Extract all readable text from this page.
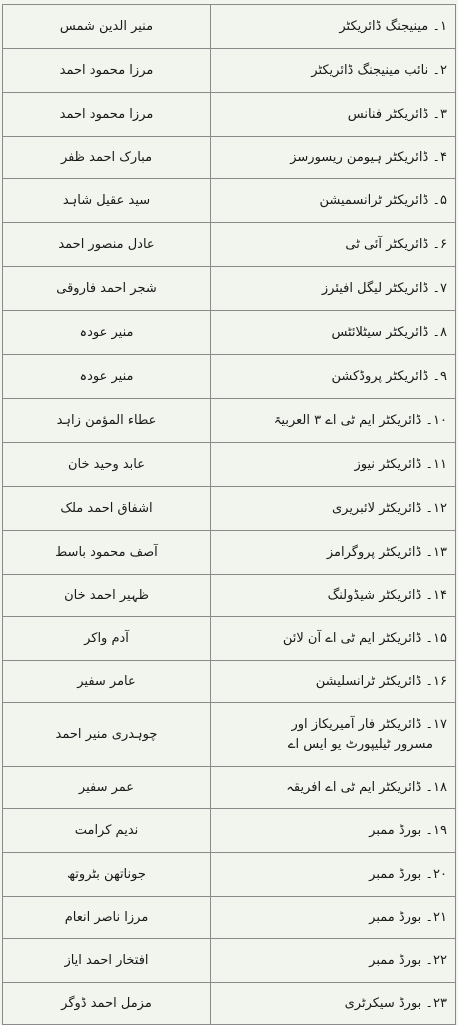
۱۔ مینیجنگ ڈائریکٹر	منیر الدین شمس

۲۔ نائب مینیجنگ ڈائریکٹر	مرزا محمود احمد

۳۔ ڈائریکٹر فنانس	مرزا محمود احمد

۴۔ ڈائریکٹر ہیومن ریسورسز	مبارک احمد ظفر

۵۔ ڈائریکٹر ٹرانسمیشن	سید عقیل شاہد

۶۔ ڈائریکٹر آئی ٹی	عادل منصور احمد

۷۔ ڈائریکٹر لیگل افیئرز	شجر احمد فاروقی

۸۔ ڈائریکٹر سیٹلائٹس	منیر عودہ

۹۔ ڈائریکٹر پروڈکشن	منیر عودہ

۱۰۔ ڈائریکٹر ایم ٹی اے ۳ العربیۃ	عطاء المؤمن زاہد

۱۱۔ ڈائریکٹر نیوز	عابد وحید خان

۱۲۔ ڈائریکٹر لائبریری	اشفاق احمد ملک

۱۳۔ ڈائریکٹر پروگرامز	آصف محمود باسط

۱۴۔ ڈائریکٹر شیڈولنگ	ظہیر احمد خان

۱۵۔ ڈائریکٹر ایم ٹی اے آن لائن	آدم واکر

۱۶۔ ڈائریکٹر ٹرانسلیشن	عامر سفیر

۱۷۔ ڈائریکٹر فار آمیریکاز اور
مسرور ٹیلیپورٹ یو ایس اے	چوہدری منیر احمد

۱۸۔ ڈائریکٹر ایم ٹی اے افریقہ	عمر سفیر

۱۹۔ بورڈ ممبر	ندیم کرامت

۲۰۔ بورڈ ممبر	جوناتھن بٹروتھ

۲۱۔ بورڈ ممبر	مرزا ناصر انعام

۲۲۔ بورڈ ممبر	افتخار احمد ایاز

۲۳۔ بورڈ سیکرٹری	مزمل احمد ڈوگر
